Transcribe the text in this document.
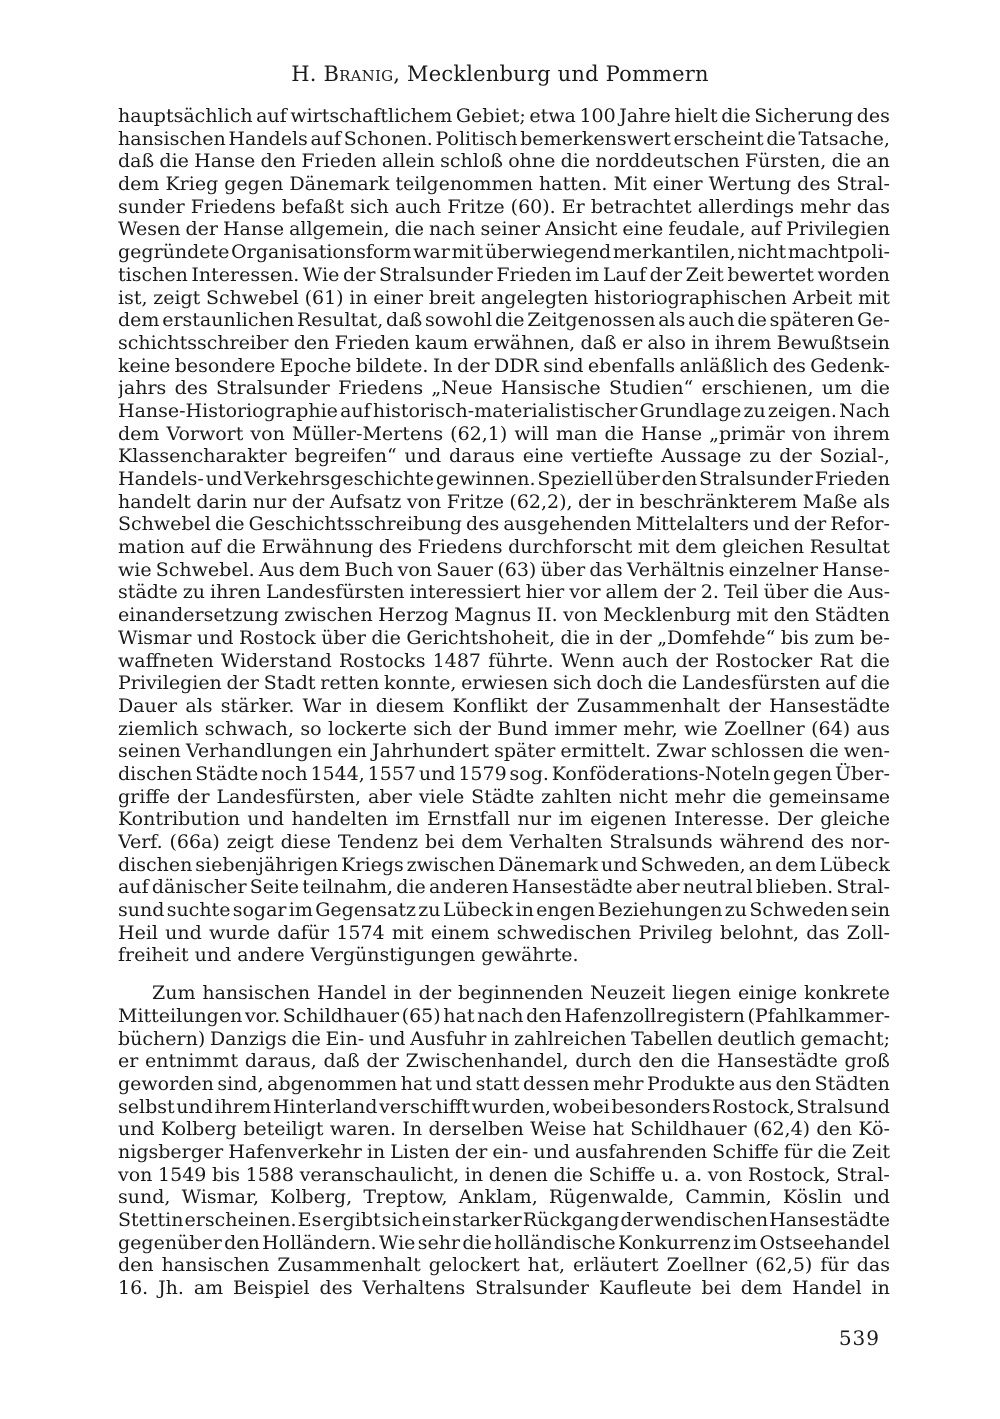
H. Branig, Mecklenburg und Pommern
hauptsächlich auf wirtschaftlichem Gebiet; etwa 100 Jahre hielt die Sicherung des
hansischen Handels auf Schonen. Politisch bemerkenswert erscheint die Tatsache,
daß die Hanse den Frieden allein schloß ohne die norddeutschen Fürsten, die an
dem Krieg gegen Dänemark teilgenommen hatten. Mit einer Wertung des Stral-
sunder Friedens befaßt sich auch Fritze (60). Er betrachtet allerdings mehr das
Wesen der Hanse allgemein, die nach seiner Ansicht eine feudale, auf Privilegien
gegründete Organisationsform war mit überwiegend merkantilen, nicht machtpoli-
tischen Interessen. Wie der Stralsunder Frieden im Lauf der Zeit bewertet worden
ist, zeigt Schwebel (61) in einer breit angelegten historiographischen Arbeit mit
dem erstaunlichen Resultat, daß sowohl die Zeitgenossen als auch die späteren Ge-
schichtsschreiber den Frieden kaum erwähnen, daß er also in ihrem Bewußtsein
keine besondere Epoche bildete. In der DDR sind ebenfalls anläßlich des Gedenk-
jahrs des Stralsunder Friedens „Neue Hansische Studien“ erschienen, um die
Hanse-Historiographie auf historisch-materialistischer Grundlage zu zeigen. Nach
dem Vorwort von Müller-Mertens (62,1) will man die Hanse „primär von ihrem
Klassencharakter begreifen“ und daraus eine vertiefte Aussage zu der Sozial-,
Handels- und Verkehrsgeschichte gewinnen. Speziell über den Stralsunder Frieden
handelt darin nur der Aufsatz von Fritze (62,2), der in beschränkterem Maße als
Schwebel die Geschichtsschreibung des ausgehenden Mittelalters und der Refor-
mation auf die Erwähnung des Friedens durchforscht mit dem gleichen Resultat
wie Schwebel. Aus dem Buch von Sauer (63) über das Verhältnis einzelner Hanse-
städte zu ihren Landesfürsten interessiert hier vor allem der 2. Teil über die Aus-
einandersetzung zwischen Herzog Magnus II. von Mecklenburg mit den Städten
Wismar und Rostock über die Gerichtshoheit, die in der „Domfehde“ bis zum be-
waffneten Widerstand Rostocks 1487 führte. Wenn auch der Rostocker Rat die
Privilegien der Stadt retten konnte, erwiesen sich doch die Landesfürsten auf die
Dauer als stärker. War in diesem Konflikt der Zusammenhalt der Hansestädte
ziemlich schwach, so lockerte sich der Bund immer mehr, wie Zoellner (64) aus
seinen Verhandlungen ein Jahrhundert später ermittelt. Zwar schlossen die wen-
dischen Städte noch 1544, 1557 und 1579 sog. Konföderations-Noteln gegen Über-
griffe der Landesfürsten, aber viele Städte zahlten nicht mehr die gemeinsame
Kontribution und handelten im Ernstfall nur im eigenen Interesse. Der gleiche
Verf. (66a) zeigt diese Tendenz bei dem Verhalten Stralsunds während des nor-
dischen siebenjährigen Kriegs zwischen Dänemark und Schweden, an dem Lübeck
auf dänischer Seite teilnahm, die anderen Hansestädte aber neutral blieben. Stral-
sund suchte sogar im Gegensatz zu Lübeck in engen Beziehungen zu Schweden sein
Heil und wurde dafür 1574 mit einem schwedischen Privileg belohnt, das Zoll-
freiheit und andere Vergünstigungen gewährte.
Zum hansischen Handel in der beginnenden Neuzeit liegen einige konkrete
Mitteilungen vor. Schildhauer (65) hat nach den Hafenzollregistern (Pfahlkammer-
büchern) Danzigs die Ein- und Ausfuhr in zahlreichen Tabellen deutlich gemacht;
er entnimmt daraus, daß der Zwischenhandel, durch den die Hansestädte groß
geworden sind, abgenommen hat und statt dessen mehr Produkte aus den Städten
selbst und ihrem Hinterland verschifft wurden, wobei besonders Rostock, Stralsund
und Kolberg beteiligt waren. In derselben Weise hat Schildhauer (62,4) den Kö-
nigsberger Hafenverkehr in Listen der ein- und ausfahrenden Schiffe für die Zeit
von 1549 bis 1588 veranschaulicht, in denen die Schiffe u. a. von Rostock, Stral-
sund, Wismar, Kolberg, Treptow, Anklam, Rügenwalde, Cammin, Köslin und
Stettin erscheinen. Es ergibt sich ein starker Rückgang der wendischen Hansestädte
gegenüber den Holländern. Wie sehr die holländische Konkurrenz im Ostseehandel
den hansischen Zusammenhalt gelockert hat, erläutert Zoellner (62,5) für das
16. Jh. am Beispiel des Verhaltens Stralsunder Kaufleute bei dem Handel in
539
